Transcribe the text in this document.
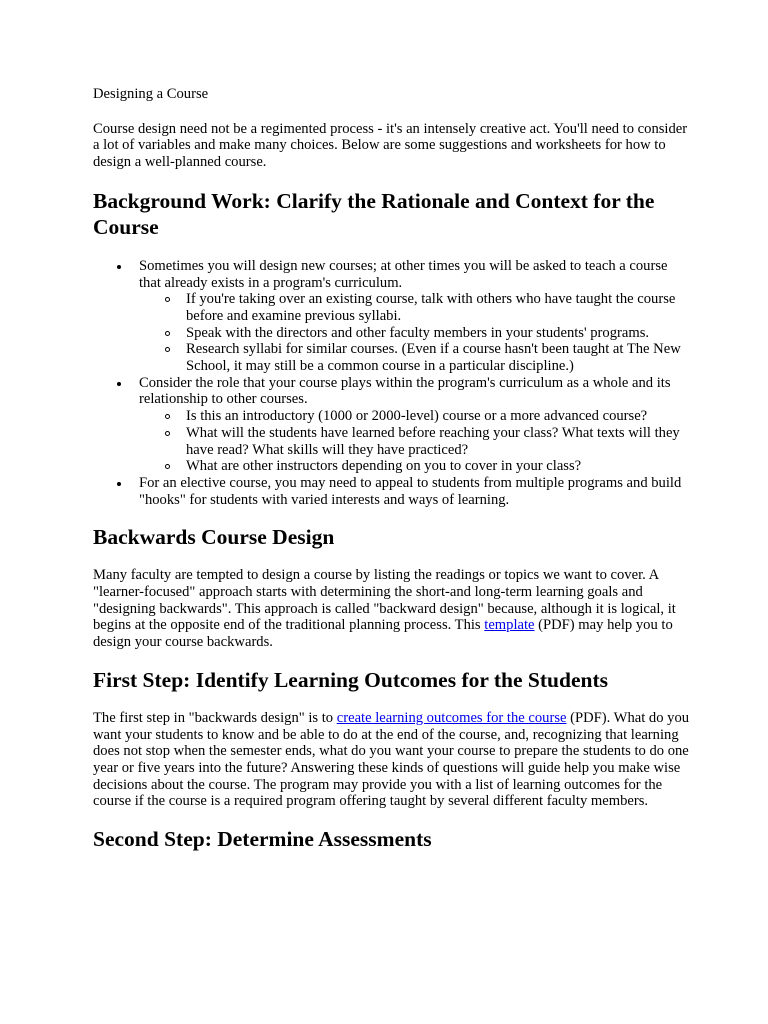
Designing a Course

Course design need not be a regimented process - it's an intensely creative act. You'll need to consider a lot of variables and make many choices. Below are some suggestions and worksheets for how to design a well-planned course.

Background Work: Clarify the Rationale and Context for the Course
Sometimes you will design new courses; at other times you will be asked to teach a course that already exists in a program's curriculum.
If you're taking over an existing course, talk with others who have taught the course before and examine previous syllabi.
Speak with the directors and other faculty members in your students' programs.
Research syllabi for similar courses. (Even if a course hasn't been taught at The New School, it may still be a common course in a particular discipline.)
Consider the role that your course plays within the program's curriculum as a whole and its relationship to other courses.
Is this an introductory (1000 or 2000-level) course or a more advanced course?
What will the students have learned before reaching your class? What texts will they have read? What skills will they have practiced?
What are other instructors depending on you to cover in your class?
For an elective course, you may need to appeal to students from multiple programs and build "hooks" for students with varied interests and ways of learning.
Backwards Course Design

Many faculty are tempted to design a course by listing the readings or topics we want to cover. A "learner-focused" approach starts with determining the short-and long-term learning goals and "designing backwards". This approach is called "backward design" because, although it is logical, it begins at the opposite end of the traditional planning process. This template (PDF) may help you to design your course backwards.

First Step: Identify Learning Outcomes for the Students

The first step in "backwards design" is to create learning outcomes for the course (PDF). What do you want your students to know and be able to do at the end of the course, and, recognizing that learning does not stop when the semester ends, what do you want your course to prepare the students to do one year or five years into the future? Answering these kinds of questions will guide help you make wise decisions about the course. The program may provide you with a list of learning outcomes for the course if the course is a required program offering taught by several different faculty members.

Second Step: Determine Assessments
